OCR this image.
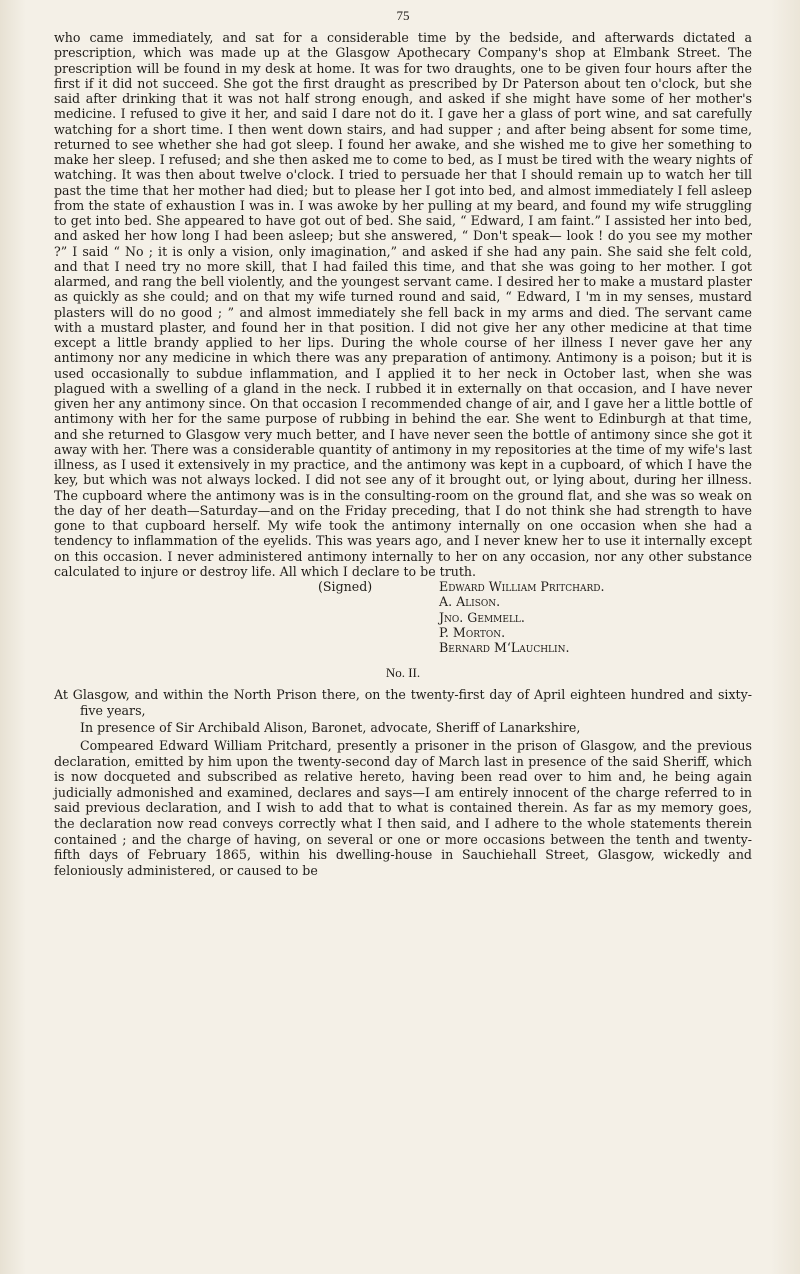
75

who came immediately, and sat for a considerable time by the bedside, and afterwards dictated a prescription, which was made up at the Glasgow Apothecary Company's shop at Elmbank Street. The prescription will be found in my desk at home. It was for two draughts, one to be given four hours after the first if it did not succeed. She got the first draught as prescribed by Dr Paterson about ten o'clock, but she said after drinking that it was not half strong enough, and asked if she might have some of her mother's medicine. I refused to give it her, and said I dare not do it. I gave her a glass of port wine, and sat carefully watching for a short time. I then went down stairs, and had supper ; and after being absent for some time, returned to see whether she had got sleep. I found her awake, and she wished me to give her something to make her sleep. I refused; and she then asked me to come to bed, as I must be tired with the weary nights of watching. It was then about twelve o'clock. I tried to persuade her that I should remain up to watch her till past the time that her mother had died; but to please her I got into bed, and almost immediately I fell asleep from the state of exhaustion I was in. I was awoke by her pulling at my beard, and found my wife struggling to get into bed. She appeared to have got out of bed. She said, “ Edward, I am faint.” I assisted her into bed, and asked her how long I had been asleep; but she answered, “ Don't speak— look ! do you see my mother ?” I said “ No ; it is only a vision, only imagination,” and asked if she had any pain. She said she felt cold, and that I need try no more skill, that I had failed this time, and that she was going to her mother. I got alarmed, and rang the bell violently, and the youngest servant came. I desired her to make a mustard plaster as quickly as she could; and on that my wife turned round and said, “ Edward, I 'm in my senses, mustard plasters will do no good ; ” and almost immediately she fell back in my arms and died. The servant came with a mustard plaster, and found her in that position. I did not give her any other medicine at that time except a little brandy applied to her lips. During the whole course of her illness I never gave her any antimony nor any medicine in which there was any preparation of antimony. Antimony is a poison; but it is used occasionally to subdue inflammation, and I applied it to her neck in October last, when she was plagued with a swelling of a gland in the neck. I rubbed it in externally on that occasion, and I have never given her any antimony since. On that occasion I recommended change of air, and I gave her a little bottle of antimony with her for the same purpose of rubbing in behind the ear. She went to Edinburgh at that time, and she returned to Glasgow very much better, and I have never seen the bottle of antimony since she got it away with her. There was a considerable quantity of antimony in my repositories at the time of my wife's last illness, as I used it extensively in my practice, and the antimony was kept in a cupboard, of which I have the key, but which was not always locked. I did not see any of it brought out, or lying about, during her illness. The cupboard where the antimony was is in the consulting-room on the ground flat, and she was so weak on the day of her death—Saturday—and on the Friday preceding, that I do not think she had strength to have gone to that cupboard herself. My wife took the antimony internally on one occasion when she had a tendency to inflammation of the eyelids. This was years ago, and I never knew her to use it internally except on this occasion. I never administered antimony internally to her on any occasion, nor any other substance calculated to injure or destroy life. All which I declare to be truth.

(Signed)	Edward William Pritchard.
A. Alison.
Jno. Gemmell.
P. Morton.
Bernard M‘Lauchlin.
No. II.

At Glasgow, and within the North Prison there, on the twenty-first day of April eighteen hundred and sixty-five years,

In presence of Sir Archibald Alison, Baronet, advocate, Sheriff of Lanarkshire,

Compeared Edward William Pritchard, presently a prisoner in the prison of Glasgow, and the previous declaration, emitted by him upon the twenty-second day of March last in presence of the said Sheriff, which is now docqueted and subscribed as relative hereto, having been read over to him and, he being again judicially admonished and examined, declares and says—I am entirely innocent of the charge referred to in said previous declaration, and I wish to add that to what is contained therein. As far as my memory goes, the declaration now read conveys correctly what I then said, and I adhere to the whole statements therein contained ; and the charge of having, on several or one or more occasions between the tenth and twenty-fifth days of February 1865, within his dwelling-house in Sauchiehall Street, Glasgow, wickedly and feloniously administered, or caused to be
